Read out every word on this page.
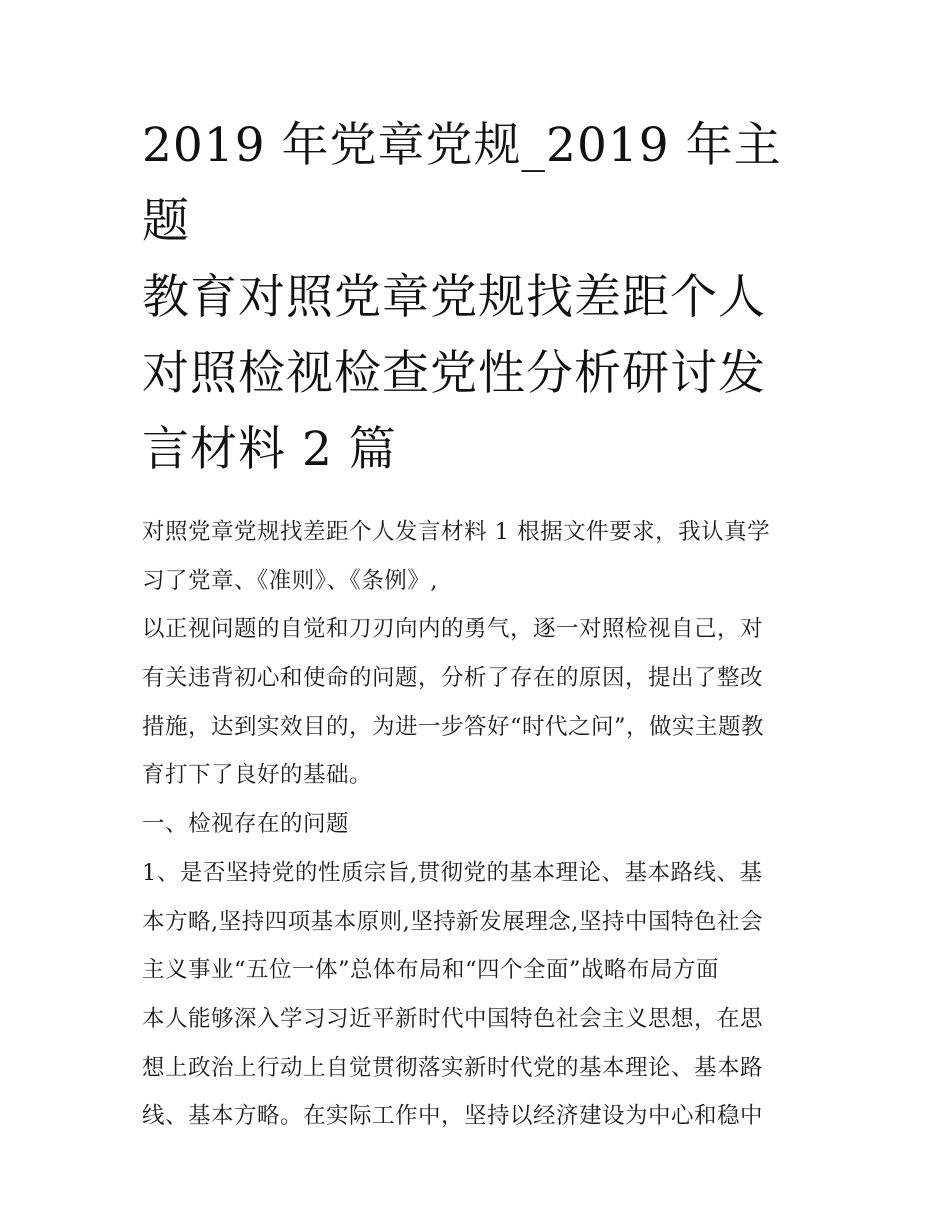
2019 年党章党规_2019 年主题
教育对照党章党规找差距个人
对照检视检查党性分析研讨发
言材料 2 篇
对照党章党规找差距个人发言材料 1 根据文件要求，我认真学
习了党章、《准则》、《条例》,
以正视问题的自觉和刀刃向内的勇气，逐一对照检视自己，对
有关违背初心和使命的问题，分析了存在的原因，提出了整改
措施，达到实效目的，为进一步答好“时代之问”，做实主题教
育打下了良好的基础。
一、检视存在的问题
1、是否坚持党的性质宗旨,贯彻党的基本理论、基本路线、基
本方略,坚持四项基本原则,坚持新发展理念,坚持中国特色社会
主义事业“五位一体”总体布局和“四个全面”战略布局方面
本人能够深入学习习近平新时代中国特色社会主义思想，在思
想上政治上行动上自觉贯彻落实新时代党的基本理论、基本路
线、基本方略。在实际工作中，坚持以经济建设为中心和稳中
